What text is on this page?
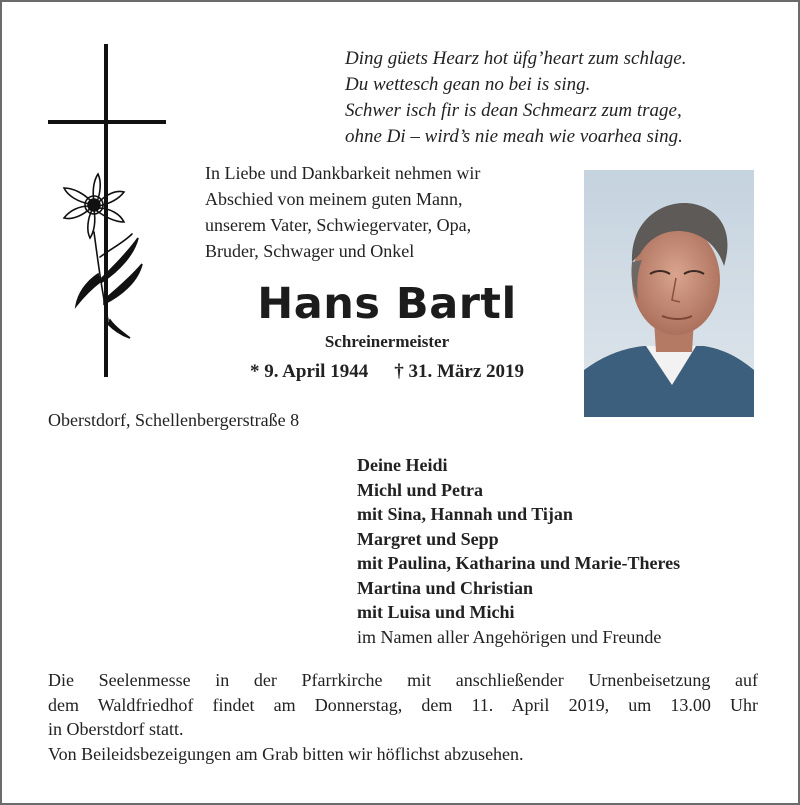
Ding güets Hearz hot üfg’heart zum schlage.
Du wettesch gean no bei is sing.
Schwer isch fir is dean Schmearz zum trage,
ohne Di – wird’s nie meah wie voarhea sing.
In Liebe und Dankbarkeit nehmen wir
Abschied von meinem guten Mann,
unserem Vater, Schwiegervater, Opa,
Bruder, Schwager und Onkel
Hans Bartl
Schreinermeister
* 9. April 1944 † 31. März 2019
Oberstdorf, Schellenbergerstraße 8
Deine Heidi
Michl und Petra
mit Sina, Hannah und Tijan
Margret und Sepp
mit Paulina, Katharina und Marie-Theres
Martina und Christian
mit Luisa und Michi
im Namen aller Angehörigen und Freunde
Die Seelenmesse in der Pfarrkirche mit anschließender Urnenbeisetzung auf
dem Waldfriedhof findet am Donnerstag, dem 11. April 2019, um 13.00 Uhr
in Oberstdorf statt.
Von Beileidsbezeigungen am Grab bitten wir höflichst abzusehen.
